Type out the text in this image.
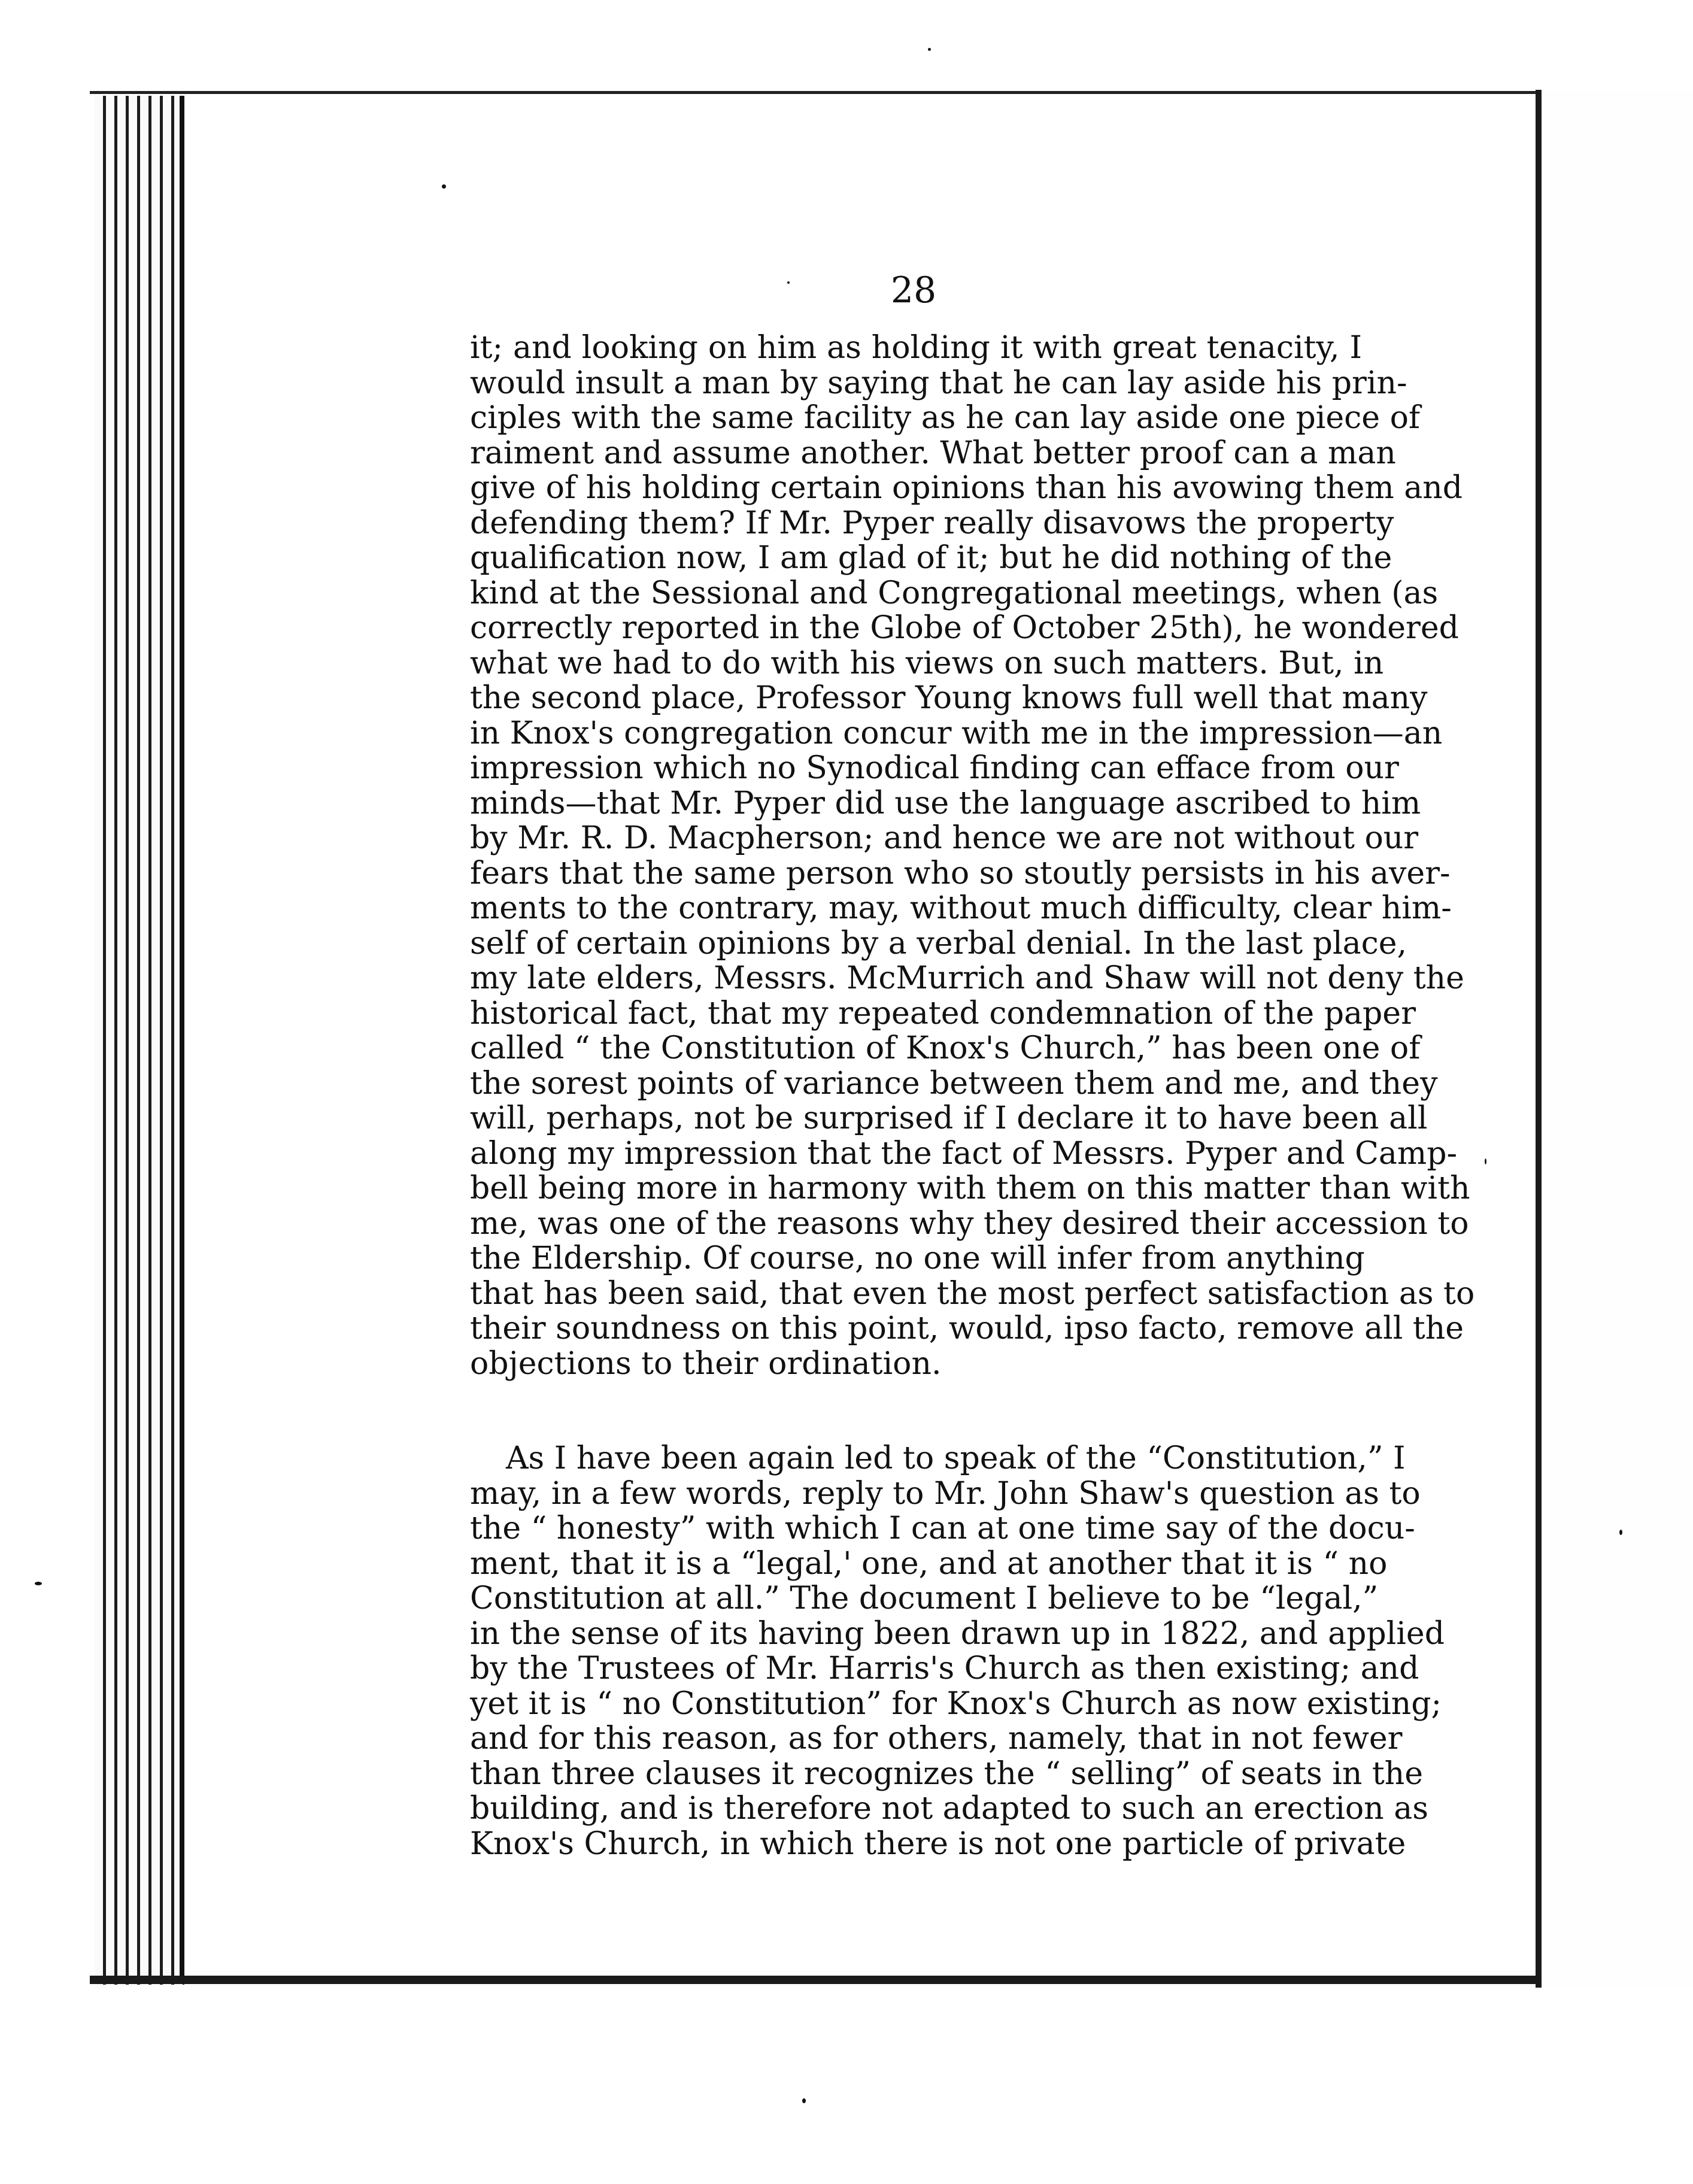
28
it; and looking on him as holding it with great tenacity, I
would insult a man by saying that he can lay aside his prin-
ciples with the same facility as he can lay aside one piece of
raiment and assume another. What better proof can a man
give of his holding certain opinions than his avowing them and
defending them? If Mr. Pyper really disavows the property
qualification now, I am glad of it; but he did nothing of the
kind at the Sessional and Congregational meetings, when (as
correctly reported in the Globe of October 25th), he wondered
what we had to do with his views on such matters. But, in
the second place, Professor Young knows full well that many
in Knox's congregation concur with me in the impression—an
impression which no Synodical finding can efface from our
minds—that Mr. Pyper did use the language ascribed to him
by Mr. R. D. Macpherson; and hence we are not without our
fears that the same person who so stoutly persists in his aver-
ments to the contrary, may, without much difficulty, clear him-
self of certain opinions by a verbal denial. In the last place,
my late elders, Messrs. McMurrich and Shaw will not deny the
historical fact, that my repeated condemnation of the paper
called “ the Constitution of Knox's Church,” has been one of
the sorest points of variance between them and me, and they
will, perhaps, not be surprised if I declare it to have been all
along my impression that the fact of Messrs. Pyper and Camp-
bell being more in harmony with them on this matter than with
me, was one of the reasons why they desired their accession to
the Eldership. Of course, no one will infer from anything
that has been said, that even the most perfect satisfaction as to
their soundness on this point, would, ipso facto, remove all the
objections to their ordination.
As I have been again led to speak of the “Constitution,” I
may, in a few words, reply to Mr. John Shaw's question as to
the “ honesty” with which I can at one time say of the docu-
ment, that it is a “legal,' one, and at another that it is “ no
Constitution at all.” The document I believe to be “legal,”
in the sense of its having been drawn up in 1822, and applied
by the Trustees of Mr. Harris's Church as then existing; and
yet it is “ no Constitution” for Knox's Church as now existing;
and for this reason, as for others, namely, that in not fewer
than three clauses it recognizes the “ selling” of seats in the
building, and is therefore not adapted to such an erection as
Knox's Church, in which there is not one particle of private
